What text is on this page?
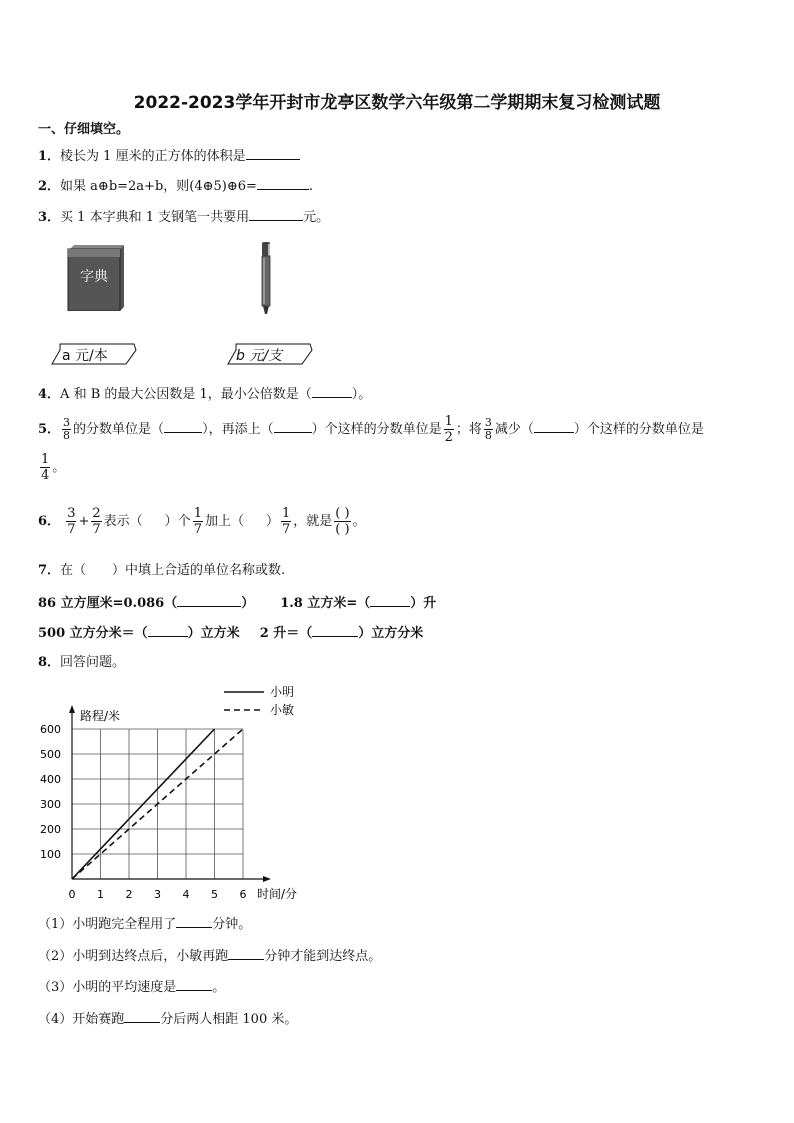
2022-2023学年开封市龙亭区数学六年级第二学期期末复习检测试题
一、仔细填空。
1．棱长为 1 厘米的正方体的体积是
2．如果 a⊕b=2a+b，则(4⊕5)⊕6=	.
3．买 1 本字典和 1 支钢笔一共要用	元。
字典
a 元/本	b 元/支
4．A 和 B 的最大公因数是 1，最小公倍数是（	）。
5． $\frac{3}{8}$ 的分数单位是（	），再添上（	）个这样的分数单位是 $\frac{1}{2}$ ；将 $\frac{3}{8}$ 减少（	）个这样的分数单位是
$\frac{1}{4}$ 。
6． $\frac{3}{7} + \frac{2}{7}$ 表示（ ）个 $\frac{1}{7}$ 加上（ ） $\frac{1}{7}$ ，就是 $\frac{( )}{( )}$ 。
7．在（　　）中填上合适的单位名称或数.
86 立方厘米=0.086（	） 1.8 立方米=（	）升
500 立方分米＝（	）立方米 2 升＝（	）立方分米
8．回答问题。
0 1 2 3 4 5 6
100
200
300
400
500
600
路程/米
时间/分
小明
小敏
（1）小明跑完全程用了	分钟。
（2）小明到达终点后，小敏再跑	分钟才能到达终点。
（3）小明的平均速度是	。
（4）开始赛跑	分后两人相距 100 米。
